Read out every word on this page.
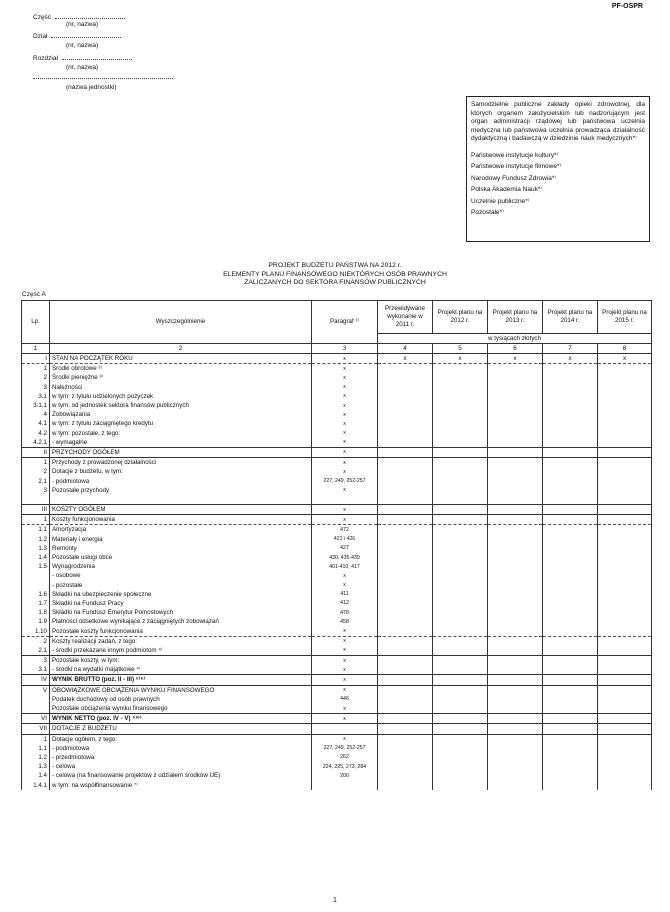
PF-OSPR
Część
(nr, nazwa)
Dział
(nr, nazwa)
Rozdział
(nr, nazwa)
(nazwa jednostki)
Samodzielne publiczne zakłady opieki zdrowotnej, dla których organem założycielskim lub nadzorującym jest organ administracji rządowej lub państwowa uczelnia medyczna lub państwowa uczelnia prowadząca działalność dydaktyczną i badawczą w dziedzinie nauk medycznych*⁾
Państwowe instytucje kultury*⁾
Państwowe instytucje filmowe*⁾
Narodowy Fundusz Zdrowia*⁾
Polska Akademia Nauk*⁾
Uczelnie publiczne*⁾
Pozostałe*⁾
PROJEKT BUDŻETU PAŃSTWA NA 2012 r.
ELEMENTY PLANU FINANSOWEGO NIEKTÓRYCH OSÓB PRAWNYCH
ZALICZANYCH DO SEKTORA FINANSÓW PUBLICZNYCH
Część A
Lp.	Wyszczególnienie	Paragraf ¹⁾	Przewidywane wykonanie w 2011 r.	Projekt planu na 2012 r.	Projekt planu na 2013 r.	Projekt planu na 2014 r.	Projekt planu na 2015 r.
			w tysiącach złotych				
1	2	3	4	5	6	7	8
I	STAN NA POCZĄTEK ROKU	x	x	x	x	x	x
1	Środki obrotowe ²⁾	x					
2	Środki pieniężne ³⁾	x					
3	Należności	x					
3.1	w tym: z tytułu udzielonych pożyczek	x					
3.1.1	w tym: od jednostek sektora finansów publicznych	x					
4	Zobowiązania	x					
4.1	w tym: z tytułu zaciągniętego kredytu	x					
4.2	w tym: pozostałe, z tego:	x					
4.2.1	- wymagalne	x					
II	PRZYCHODY OGÓŁEM	x					
1	Przychody z prowadzonej działalności	x					
2	Dotacje z budżetu, w tym:	x					
2.1	- podmiotowa	227, 249, 252-257					
3	Pozostałe przychody	x					

III	KOSZTY OGÓŁEM	x					
1	Koszty funkcjonowania	x					
1.1	Amortyzacja	472					
1.2	Materiały i energia	421 i 426					
1.3	Remonty	427					
1.4	Pozostałe usługi obce	430, 435-439					
1.5	Wynagrodzenia	401-410, 417					
	- osobowe	x					
	- pozostałe	x					
1.6	Składki na ubezpieczenie społeczne	411					
1.7	Składki na Fundusz Pracy	412					
1.8	Składki na Fundusz Emerytur Pomostowych	478					
1.9	Płatności odsetkowe wynikające z zaciągniętych zobowiązań	458					
1.10	Pozostałe koszty funkcjonowania	x					
2	Koszty realizacji zadań, z tego:	x					
2.1	- środki przekazane innym podmiotom ⁴⁾	x					
3	Pozostałe koszty, w tym:	x					
3.1	- środki na wydatki majątkowe ⁴⁾	x					
IV	WYNIK BRUTTO (poz. II - III) ⁵⁾⁶⁾	x					
V	OBOWIĄZKOWE OBCIĄŻENIA WYNIKU FINANSOWEGO	x					
	Podatek dochodowy od osób prawnych	446					
	Pozostałe obciążenia wyniku finansowego	x					
VI	WYNIK NETTO (poz. IV - V) ⁵⁾⁶⁾	x					
VII	DOTACJE Z BUDŻETU						
1	Dotacje ogółem, z tego:	x					
1.1	- podmiotowa	227, 249, 252-257					
1.2	- przedmiotowa	262					
1.3	- celowa	224, 225, 273, 284					
1.4	- celowa (na finansowanie projektów z udziałem środków UE)	200					
1.4.1	w tym: na współfinansowanie ⁷⁾						
1
